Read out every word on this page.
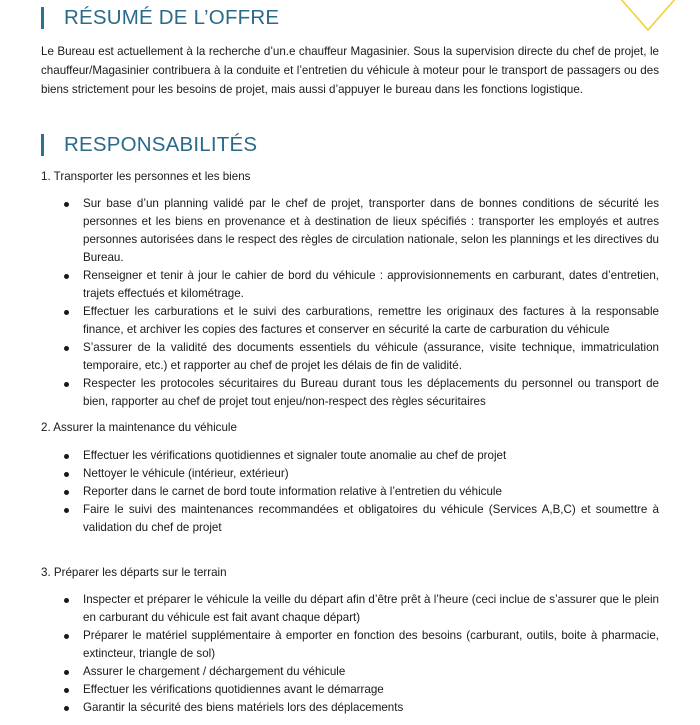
RÉSUMÉ DE L’OFFRE

Le Bureau est actuellement à la recherche d’un.e chauffeur Magasinier. Sous la supervision directe du chef de projet, le chauffeur/Magasinier contribuera à la conduite et l’entretien du véhicule à moteur pour le transport de passagers ou des biens strictement pour les besoins de projet, mais aussi d’appuyer le bureau dans les fonctions logistique.

RESPONSABILITÉS
1. Transporter les personnes et les biens
Sur base d’un planning validé par le chef de projet, transporter dans de bonnes conditions de sécurité les personnes et les biens en provenance et à destination de lieux spécifiés : transporter les employés et autres personnes autorisées dans le respect des règles de circulation nationale, selon les plannings et les directives du Bureau.
Renseigner et tenir à jour le cahier de bord du véhicule : approvisionnements en carburant, dates d’entretien, trajets effectués et kilométrage.
Effectuer les carburations et le suivi des carburations, remettre les originaux des factures à la responsable finance, et archiver les copies des factures et conserver en sécurité la carte de carburation du véhicule
S’assurer de la validité des documents essentiels du véhicule (assurance, visite technique, immatriculation temporaire, etc.) et rapporter au chef de projet les délais de fin de validité.
Respecter les protocoles sécuritaires du Bureau durant tous les déplacements du personnel ou transport de bien, rapporter au chef de projet tout enjeu/non-respect des règles sécuritaires
2. Assurer la maintenance du véhicule
Effectuer les vérifications quotidiennes et signaler toute anomalie au chef de projet
Nettoyer le véhicule (intérieur, extérieur)
Reporter dans le carnet de bord toute information relative à l’entretien du véhicule
Faire le suivi des maintenances recommandées et obligatoires du véhicule (Services A,B,C) et soumettre à validation du chef de projet
3. Préparer les départs sur le terrain
Inspecter et préparer le véhicule la veille du départ afin d’être prêt à l’heure (ceci inclue de s’assurer que le plein en carburant du véhicule est fait avant chaque départ)
Préparer le matériel supplémentaire à emporter en fonction des besoins (carburant, outils, boite à pharmacie, extincteur, triangle de sol)
Assurer le chargement / déchargement du véhicule
Effectuer les vérifications quotidiennes avant le démarrage
Garantir la sécurité des biens matériels lors des déplacements
